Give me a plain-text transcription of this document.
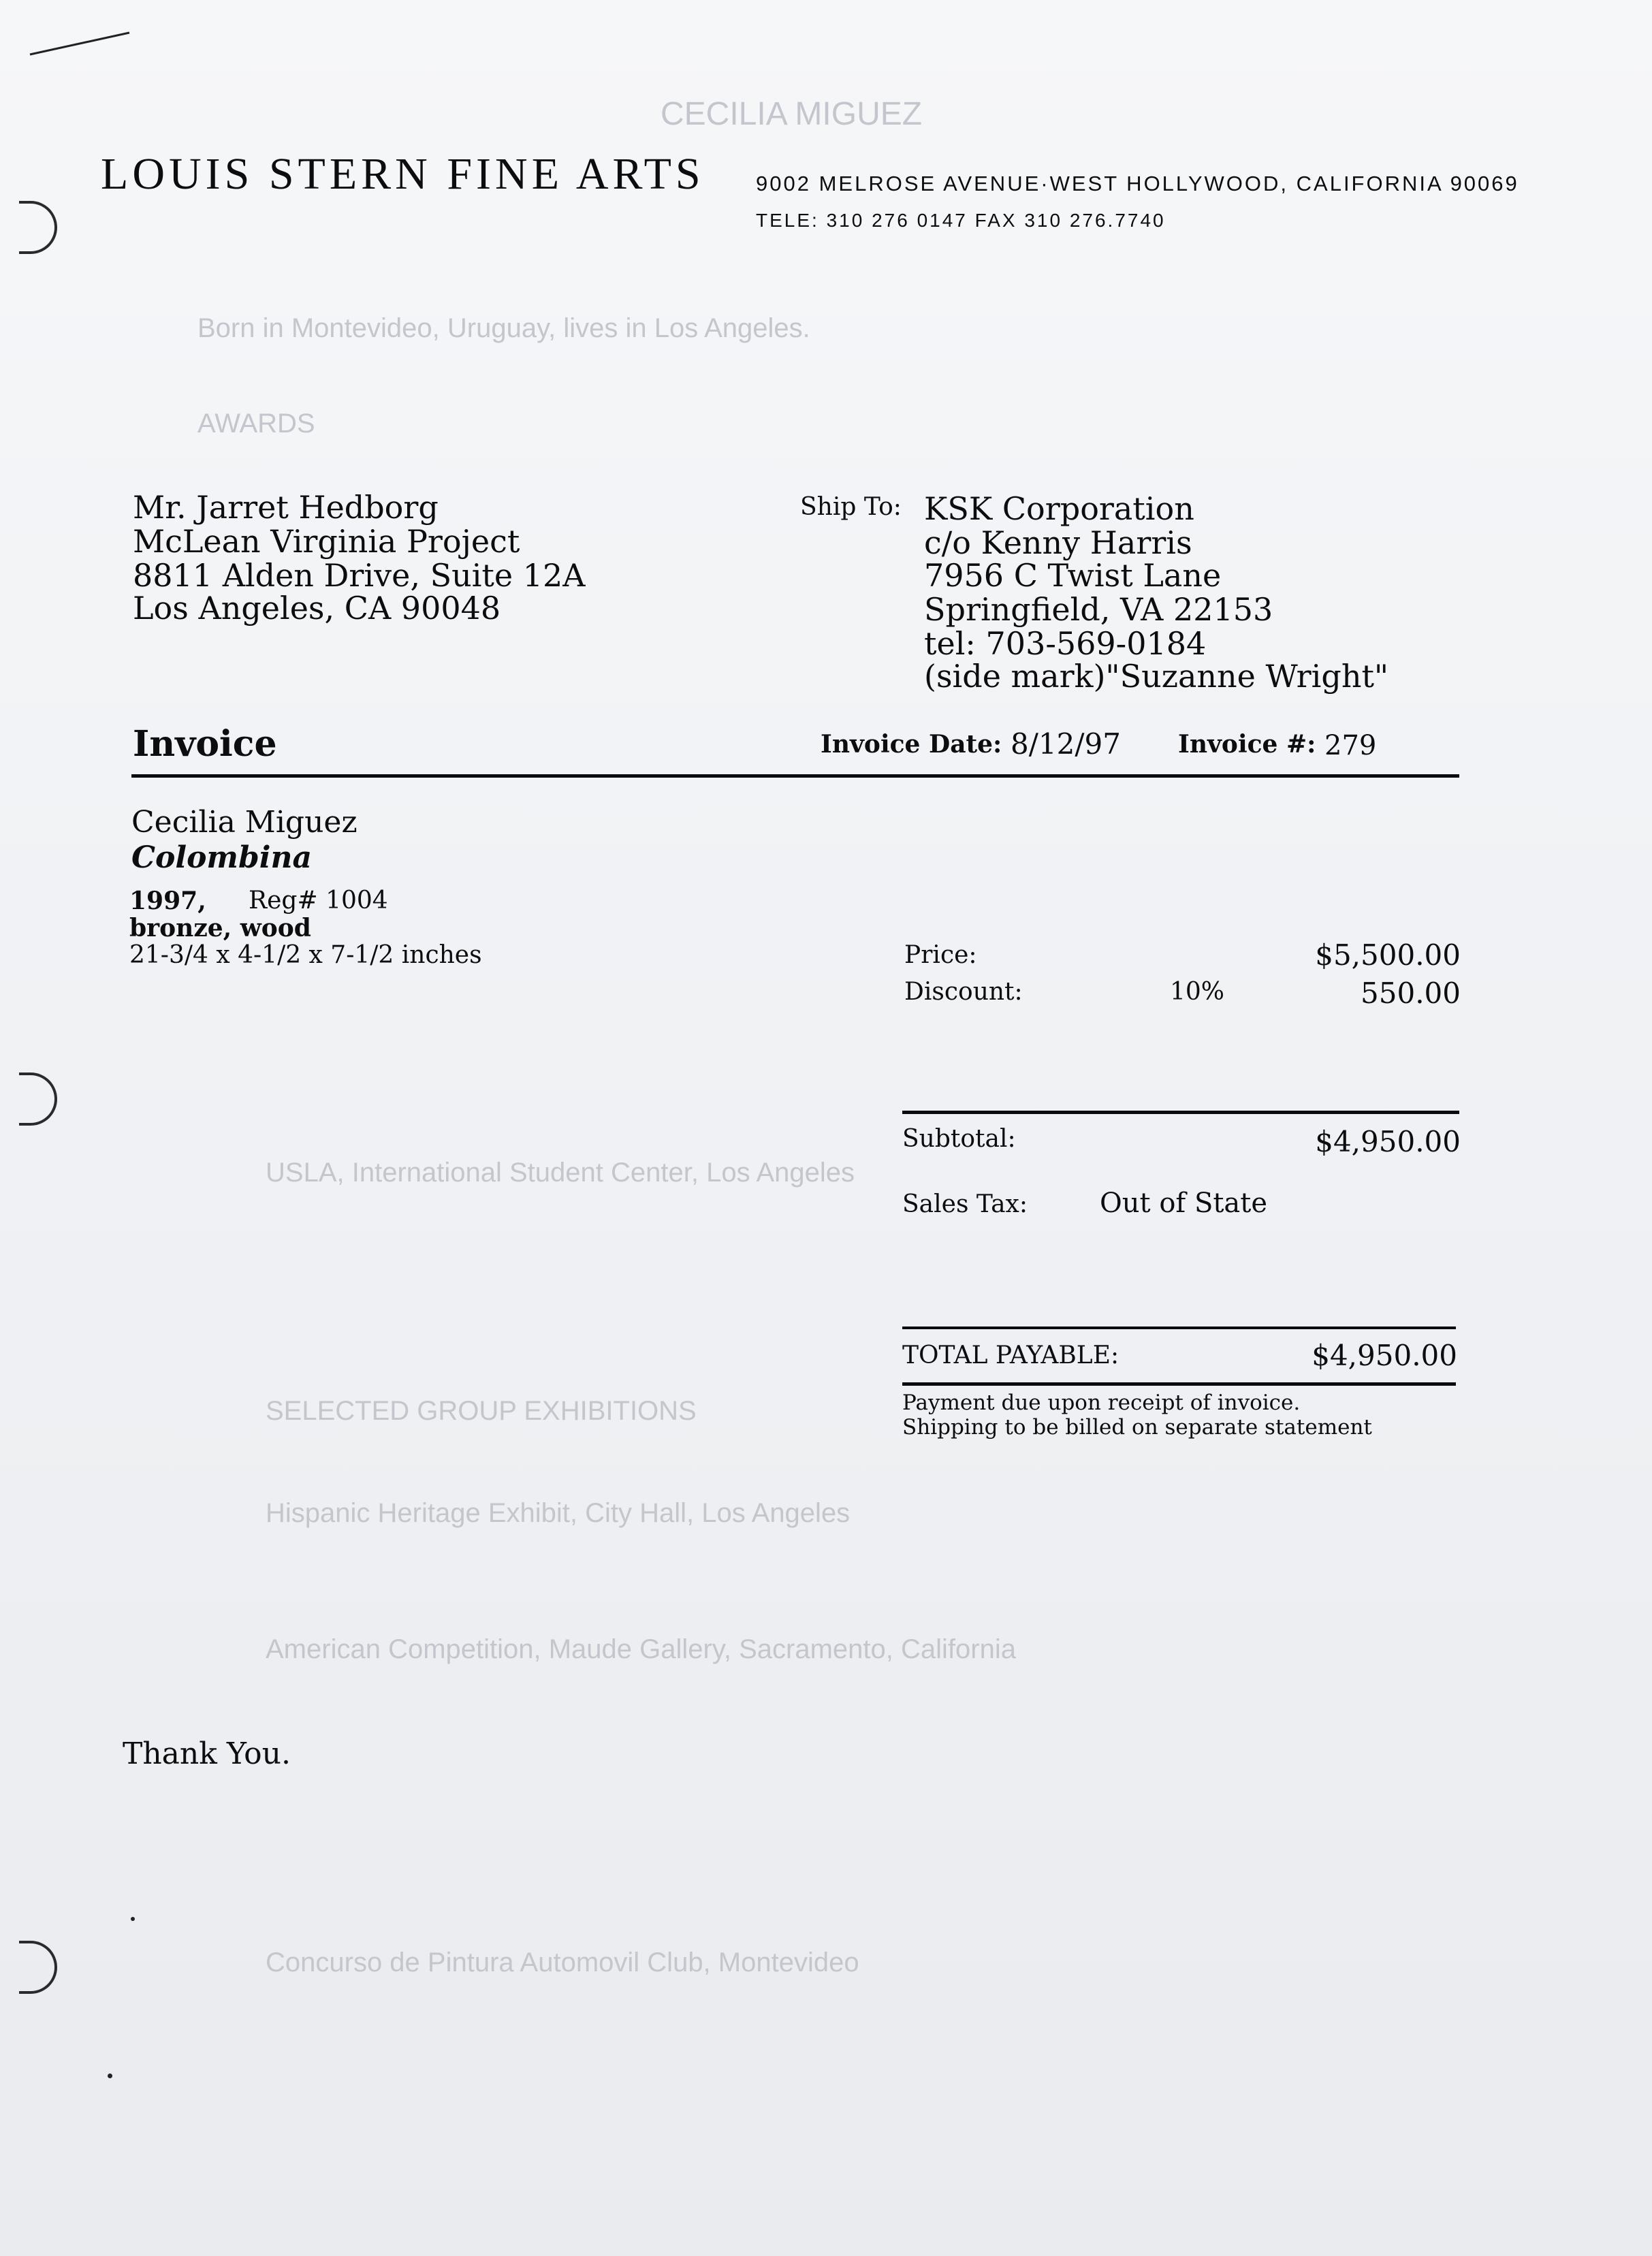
CECILIA MIGUEZ
Born in Montevideo, Uruguay, lives in Los Angeles.
AWARDS
USLA, International Student Center, Los Angeles
SELECTED GROUP EXHIBITIONS
Hispanic Heritage Exhibit, City Hall, Los Angeles
American Competition, Maude Gallery, Sacramento, California
Concurso de Pintura Automovil Club, Montevideo
LOUIS STERN FINE ARTS 9002 MELROSE AVENUE·WEST HOLLYWOOD, CALIFORNIA 90069
TELE: 310 276 0147 FAX 310 276.7740
Mr. Jarret Hedborg
McLean Virginia Project
8811 Alden Drive, Suite 12A
Los Angeles, CA 90048
Ship To: KSK Corporation
c/o Kenny Harris
7956 C Twist Lane
Springfield, VA 22153
tel: 703-569-0184
(side mark)"Suzanne Wright"
Invoice	Invoice Date: 8/12/97 Invoice #: 279
Cecilia Miguez
Colombina
1997, Reg# 1004
bronze, wood
21-3/4 x 4-1/2 x 7-1/2 inches	Price:	$5,500.00
Discount:	10%	550.00
Subtotal:	$4,950.00
Sales Tax:	Out of State
TOTAL PAYABLE:	$4,950.00
Payment due upon receipt of invoice.
Shipping to be billed on separate statement
Thank You.
